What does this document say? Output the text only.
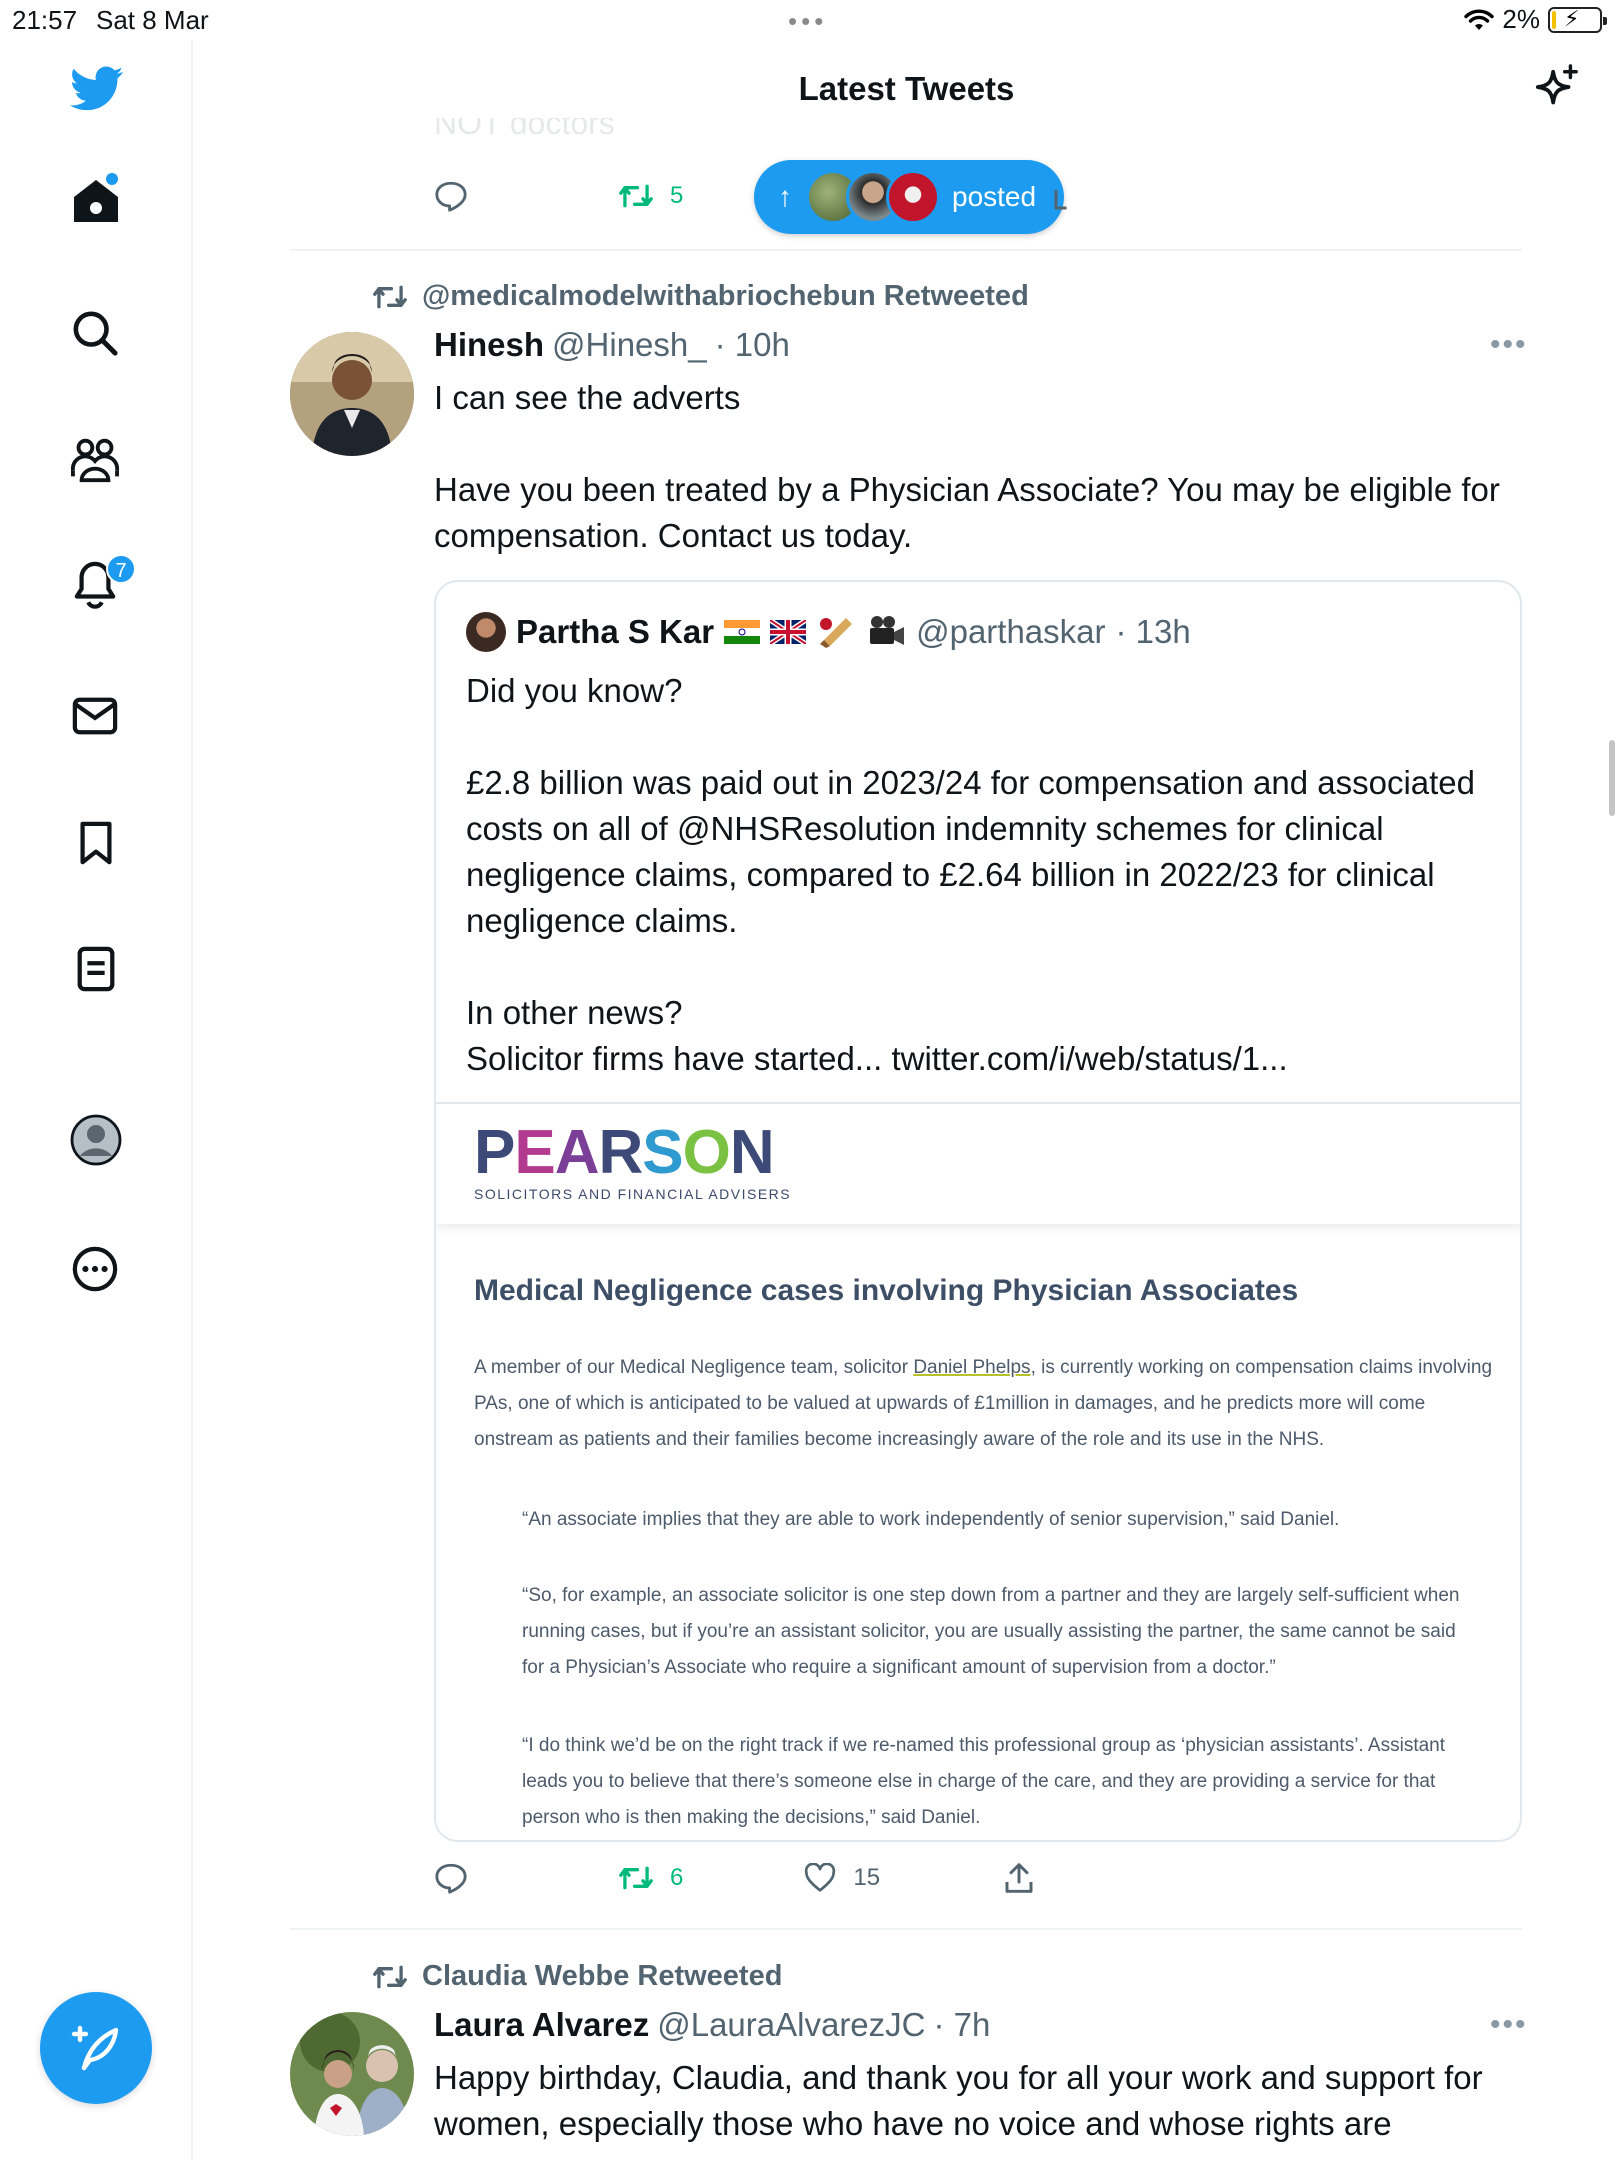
21:57 Sat 8 Mar	•••	2% ⚡
7
5	↑	posted
@medicalmodelwithabriochebun Retweeted
Hinesh @Hinesh_ · 10h	•••
I can see the adverts

Have you been treated by a Physician Associate? You may be eligible for compensation. Contact us today.
Partha S Kar	@parthaskar · 13h
Did you know?

£2.8 billion was paid out in 2023/24 for compensation and associated costs on all of @NHSResolution indemnity schemes for clinical negligence claims, compared to £2.64 billion in 2022/23 for clinical negligence claims.

In other news?
Solicitor firms have started... twitter.com/i/web/status/1...
PEARSON
SOLICITORS AND FINANCIAL ADVISERS
Medical Negligence cases involving Physician Associates
A member of our Medical Negligence team, solicitor Daniel Phelps, is currently working on compensation claims involving PAs, one of which is anticipated to be valued at upwards of £1million in damages, and he predicts more will come onstream as patients and their families become increasingly aware of the role and its use in the NHS.
“An associate implies that they are able to work independently of senior supervision,” said Daniel.
“So, for example, an associate solicitor is one step down from a partner and they are largely self-sufficient when running cases, but if you’re an assistant solicitor, you are usually assisting the partner, the same cannot be said for a Physician’s Associate who require a significant amount of supervision from a doctor.”
“I do think we’d be on the right track if we re-named this professional group as ‘physician assistants’. Assistant leads you to believe that there’s someone else in charge of the care, and they are providing a service for that person who is then making the decisions,” said Daniel.
6	15
Claudia Webbe Retweeted
Laura Alvarez @LauraAlvarezJC · 7h	•••
Happy birthday, Claudia, and thank you for all your work and support for women, especially those who have no voice and whose rights are
Latest Tweets
